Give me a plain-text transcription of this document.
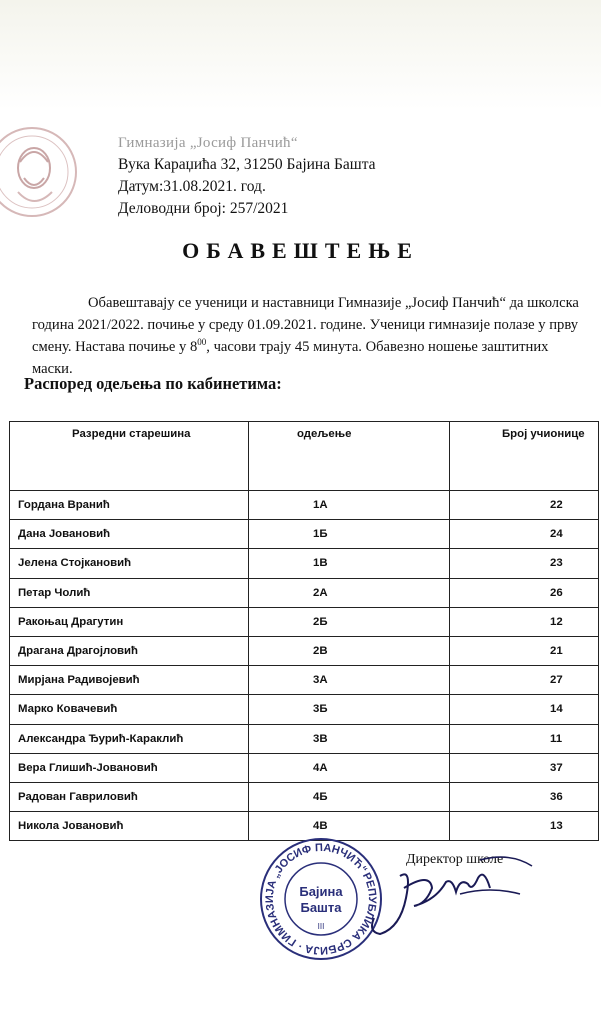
Гимназија „Јосиф Панчић“
Вука Караџића 32, 31250 Бајина Башта
Датум:31.08.2021. год.
Деловодни број: 257/2021
ОБАВЕШТЕЊЕ
Обавештавају се ученици и наставници Гимназије „Јосиф Панчић“ да школска година 2021/2022. почиње у среду 01.09.2021. године. Ученици гимназије полазе у прву смену. Настава почиње у $8^{00}$, часови трају 45 минута. Обавезно ношење заштитних маски.
Распоред одељења по кабинетима:
Разредни старешина	одељење	Број учионице
Гордана Вранић	1А	22
Дана Јовановић	1Б	24
Јелена Стојкановић	1В	23
Петар Чолић	2А	26
Ракоњац Драгутин	2Б	12
Драгана Драгојловић	2В	21
Мирјана Радивојевић	3А	27
Марко Ковачевић	3Б	14
Александра Ђурић-Караклић	3В	11
Вера Глишић-Јовановић	4А	37
Радован Гавриловић	4Б	36
Никола Јовановић	4В	13
РЕПУБЛИКА СРБИЈА · ГИМНАЗИЈА „ЈОСИФ ПАНЧИЋ“
Бајина
Башта
III
Директор школе
